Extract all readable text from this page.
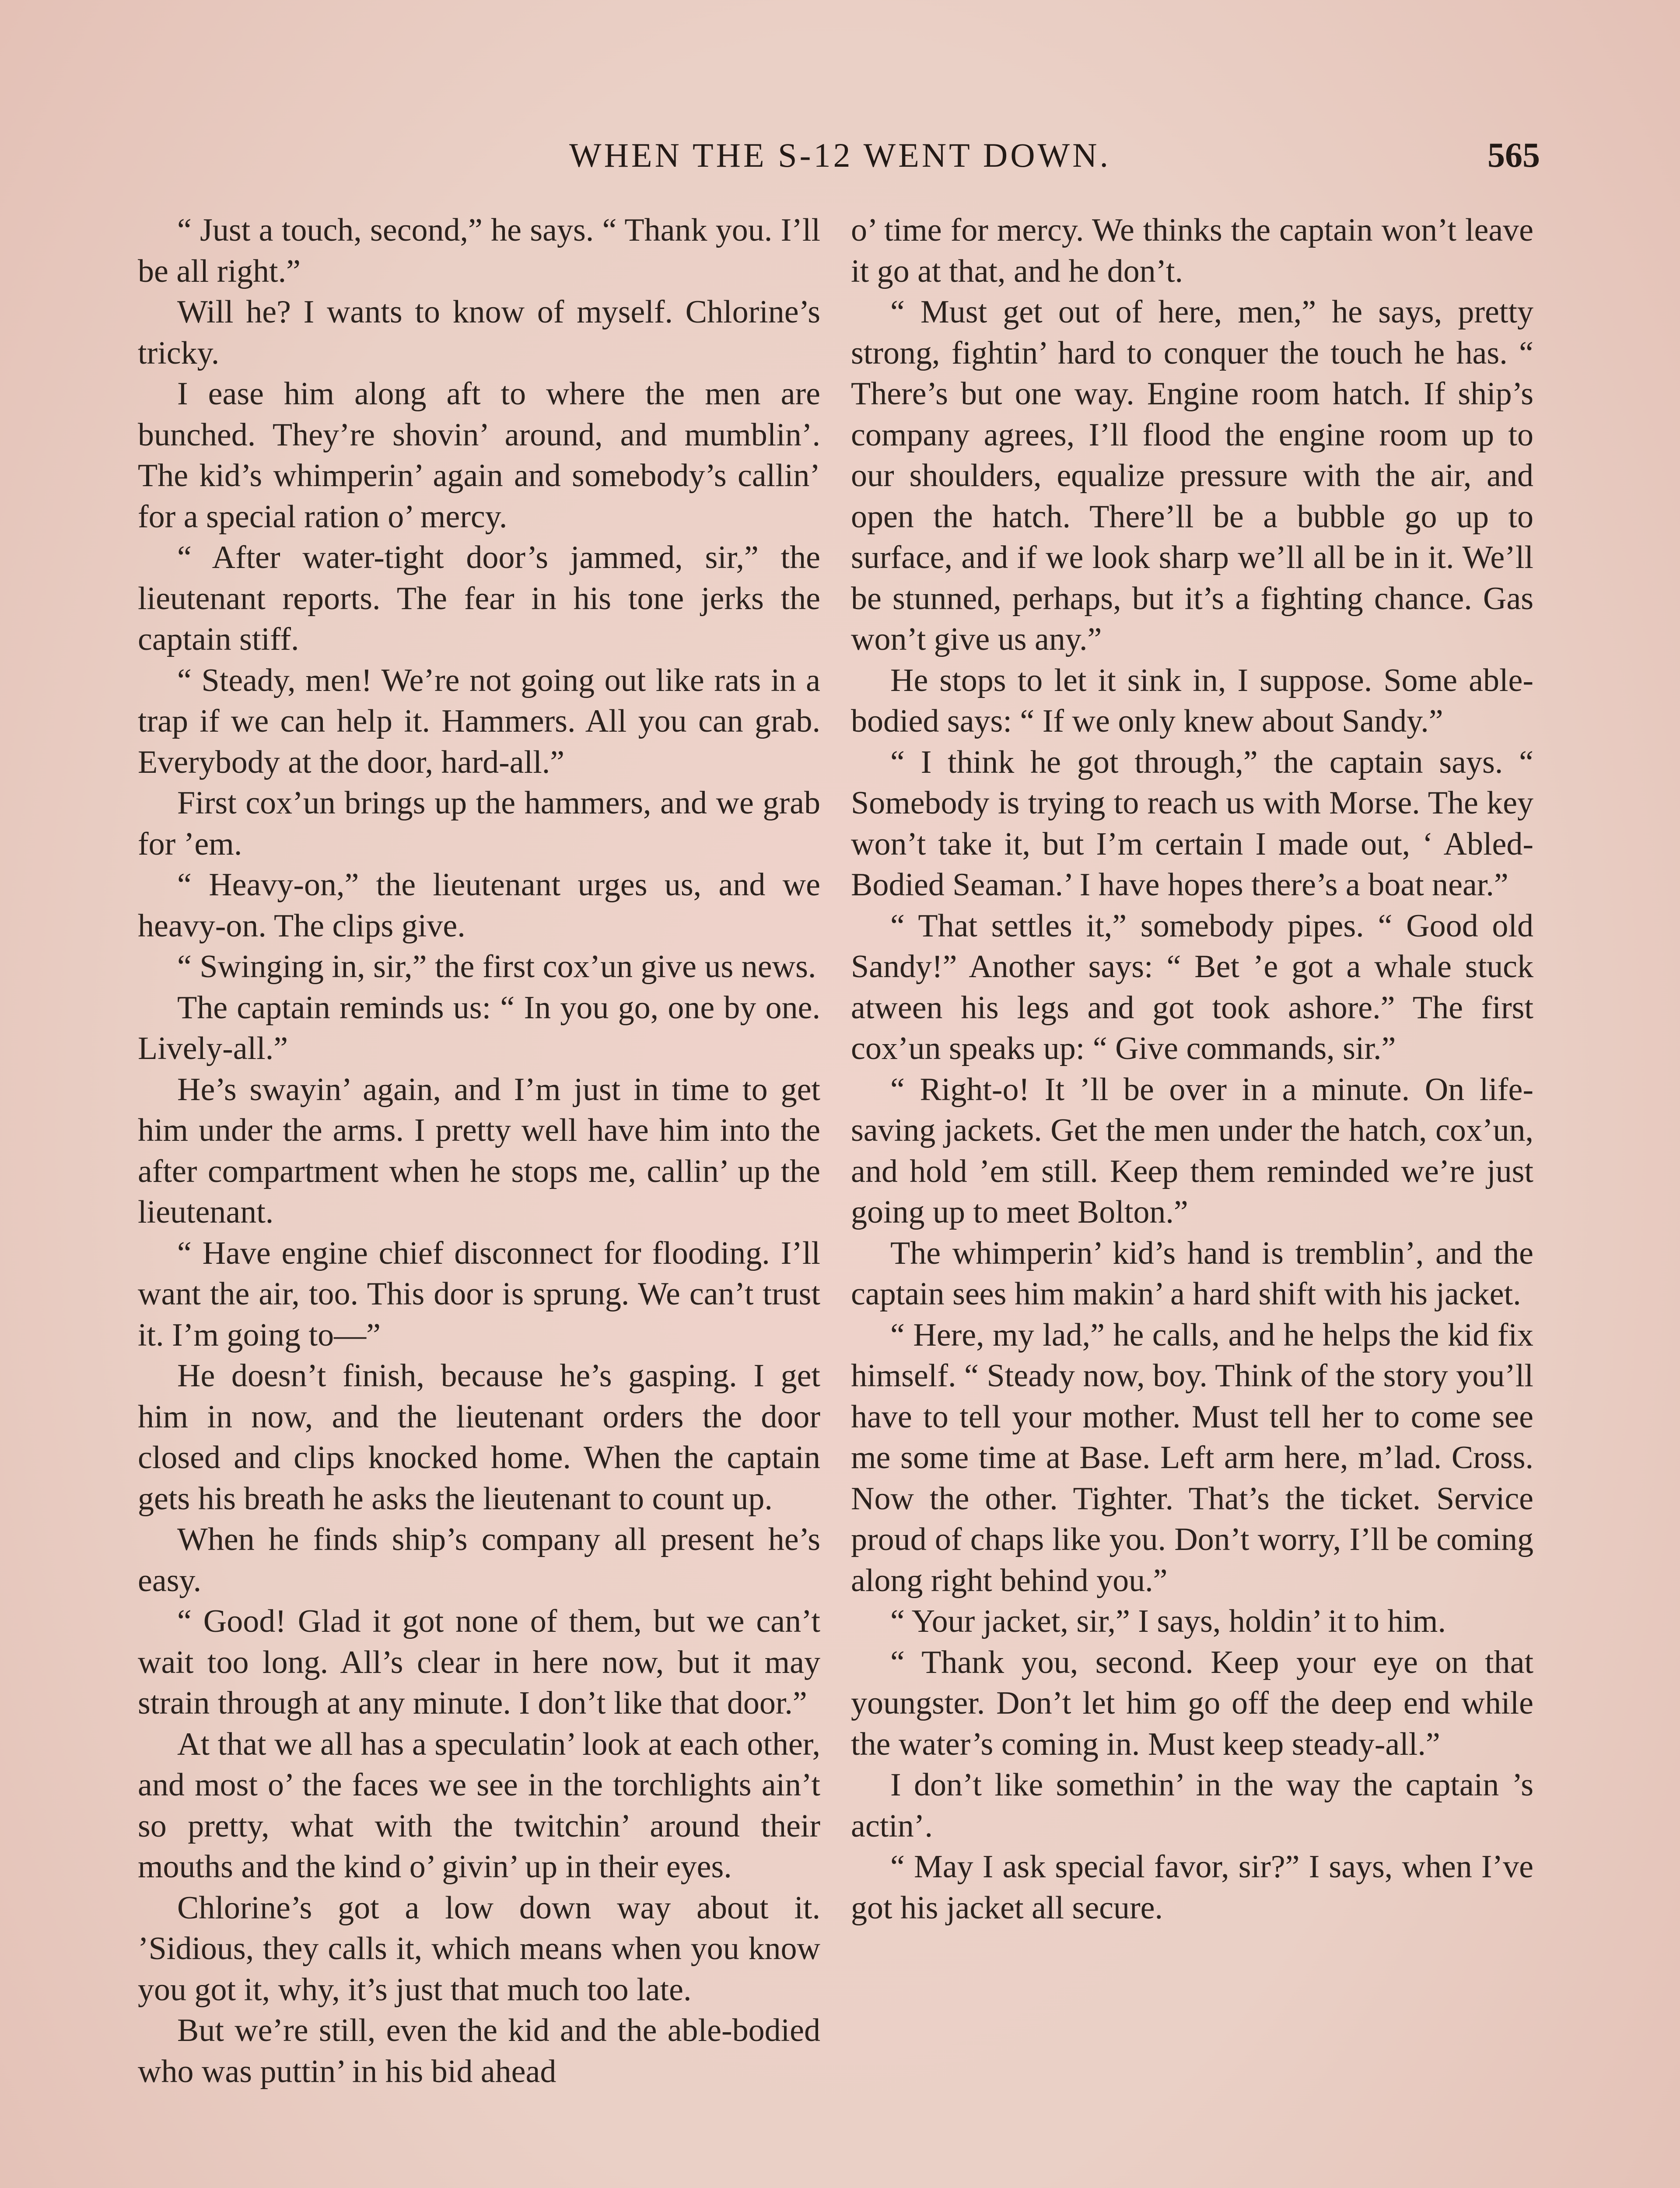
WHEN THE S-12 WENT DOWN.	565

“ Just a touch, second,” he says. “ Thank you. I’ll be all right.”

Will he? I wants to know of myself. Chlorine’s tricky.

I ease him along aft to where the men are bunched. They’re shovin’ around, and mumblin’. The kid’s whimperin’ again and somebody’s callin’ for a special ration o’ mercy.

“ After water-tight door’s jammed, sir,” the lieutenant reports. The fear in his tone jerks the captain stiff.

“ Steady, men! We’re not going out like rats in a trap if we can help it. Hammers. All you can grab. Everybody at the door, hard-all.”

First cox’un brings up the hammers, and we grab for ’em.

“ Heavy-on,” the lieutenant urges us, and we heavy-on. The clips give.

“ Swinging in, sir,” the first cox’un give us news.

The captain reminds us: “ In you go, one by one. Lively-all.”

He’s swayin’ again, and I’m just in time to get him under the arms. I pretty well have him into the after compartment when he stops me, callin’ up the lieutenant.

“ Have engine chief disconnect for flooding. I’ll want the air, too. This door is sprung. We can’t trust it. I’m going to—”

He doesn’t finish, because he’s gasping. I get him in now, and the lieutenant orders the door closed and clips knocked home. When the captain gets his breath he asks the lieutenant to count up.

When he finds ship’s company all present he’s easy.

“ Good! Glad it got none of them, but we can’t wait too long. All’s clear in here now, but it may strain through at any minute. I don’t like that door.”

At that we all has a speculatin’ look at each other, and most o’ the faces we see in the torchlights ain’t so pretty, what with the twitchin’ around their mouths and the kind o’ givin’ up in their eyes.

Chlorine’s got a low down way about it. ’Sidious, they calls it, which means when you know you got it, why, it’s just that much too late.

But we’re still, even the kid and the able-bodied who was puttin’ in his bid ahead

o’ time for mercy. We thinks the captain won’t leave it go at that, and he don’t.

“ Must get out of here, men,” he says, pretty strong, fightin’ hard to conquer the touch he has. “ There’s but one way. Engine room hatch. If ship’s company agrees, I’ll flood the engine room up to our shoulders, equalize pressure with the air, and open the hatch. There’ll be a bubble go up to surface, and if we look sharp we’ll all be in it. We’ll be stunned, perhaps, but it’s a fighting chance. Gas won’t give us any.”

He stops to let it sink in, I suppose. Some able-bodied says: “ If we only knew about Sandy.”

“ I think he got through,” the captain says. “ Somebody is trying to reach us with Morse. The key won’t take it, but I’m certain I made out, ‘ Abled-Bodied Seaman.’ I have hopes there’s a boat near.”

“ That settles it,” somebody pipes. “ Good old Sandy!” Another says: “ Bet ’e got a whale stuck atween his legs and got took ashore.” The first cox’un speaks up: “ Give commands, sir.”

“ Right-o! It ’ll be over in a minute. On life-saving jackets. Get the men under the hatch, cox’un, and hold ’em still. Keep them reminded we’re just going up to meet Bolton.”

The whimperin’ kid’s hand is tremblin’, and the captain sees him makin’ a hard shift with his jacket.

“ Here, my lad,” he calls, and he helps the kid fix himself. “ Steady now, boy. Think of the story you’ll have to tell your mother. Must tell her to come see me some time at Base. Left arm here, m’lad. Cross. Now the other. Tighter. That’s the ticket. Service proud of chaps like you. Don’t worry, I’ll be coming along right behind you.”

“ Your jacket, sir,” I says, holdin’ it to him.

“ Thank you, second. Keep your eye on that youngster. Don’t let him go off the deep end while the water’s coming in. Must keep steady-all.”

I don’t like somethin’ in the way the captain ’s actin’.

“ May I ask special favor, sir?” I says, when I’ve got his jacket all secure.
